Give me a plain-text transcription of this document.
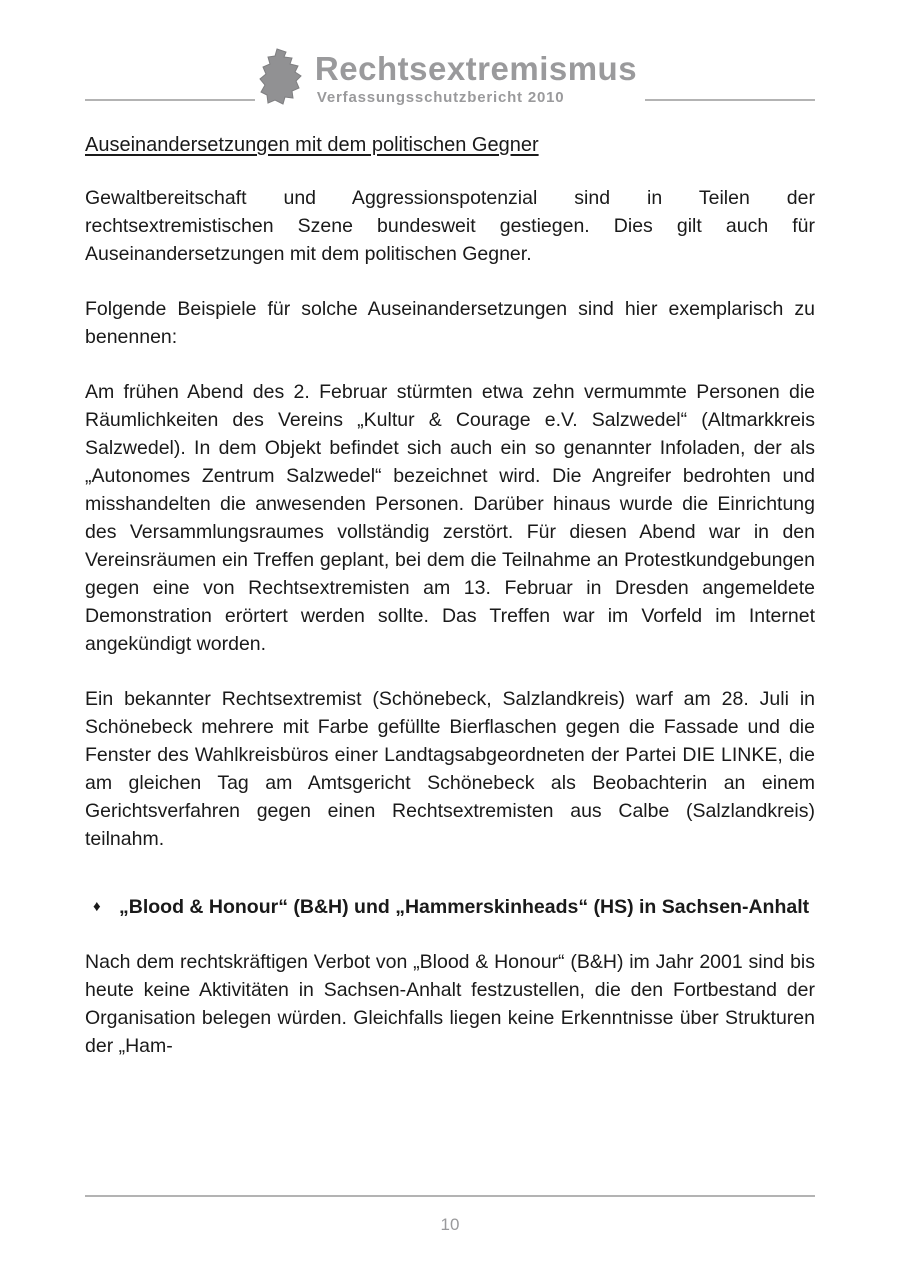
Rechtsextremismus
Verfassungsschutzbericht 2010
Auseinandersetzungen mit dem politischen Gegner

Gewaltbereitschaft und Aggressionspotenzial sind in Teilen der rechtsextremistischen Szene bundesweit gestiegen. Dies gilt auch für Auseinandersetzungen mit dem politischen Gegner.

Folgende Beispiele für solche Auseinandersetzungen sind hier exemplarisch zu benennen:

Am frühen Abend des 2. Februar stürmten etwa zehn vermummte Personen die Räumlichkeiten des Vereins „Kultur & Courage e.V. Salzwedel“ (Altmarkkreis Salzwedel). In dem Objekt befindet sich auch ein so genannter Infoladen, der als „Autonomes Zentrum Salzwedel“ bezeichnet wird. Die Angreifer bedrohten und misshandelten die anwesenden Personen. Darüber hinaus wurde die Einrichtung des Versammlungsraumes vollständig zerstört. Für diesen Abend war in den Vereinsräumen ein Treffen geplant, bei dem die Teilnahme an Protestkundgebungen gegen eine von Rechtsextremisten am 13. Februar in Dresden angemeldete Demonstration erörtert werden sollte. Das Treffen war im Vorfeld im Internet angekündigt worden.

Ein bekannter Rechtsextremist (Schönebeck, Salzlandkreis) warf am 28. Juli in Schönebeck mehrere mit Farbe gefüllte Bierflaschen gegen die Fassade und die Fenster des Wahlkreisbüros einer Landtagsabgeordneten der Partei DIE LINKE, die am gleichen Tag am Amtsgericht Schönebeck als Beobachterin an einem Gerichtsverfahren gegen einen Rechtsextremisten aus Calbe (Salzlandkreis) teilnahm.

♦ „Blood & Honour“ (B&H) und „Hammerskinheads“ (HS) in Sachsen-Anhalt

Nach dem rechtskräftigen Verbot von „Blood & Honour“ (B&H) im Jahr 2001 sind bis heute keine Aktivitäten in Sachsen-Anhalt festzustellen, die den Fortbestand der Organisation belegen würden. Gleichfalls liegen keine Erkenntnisse über Strukturen der „Ham-

10
